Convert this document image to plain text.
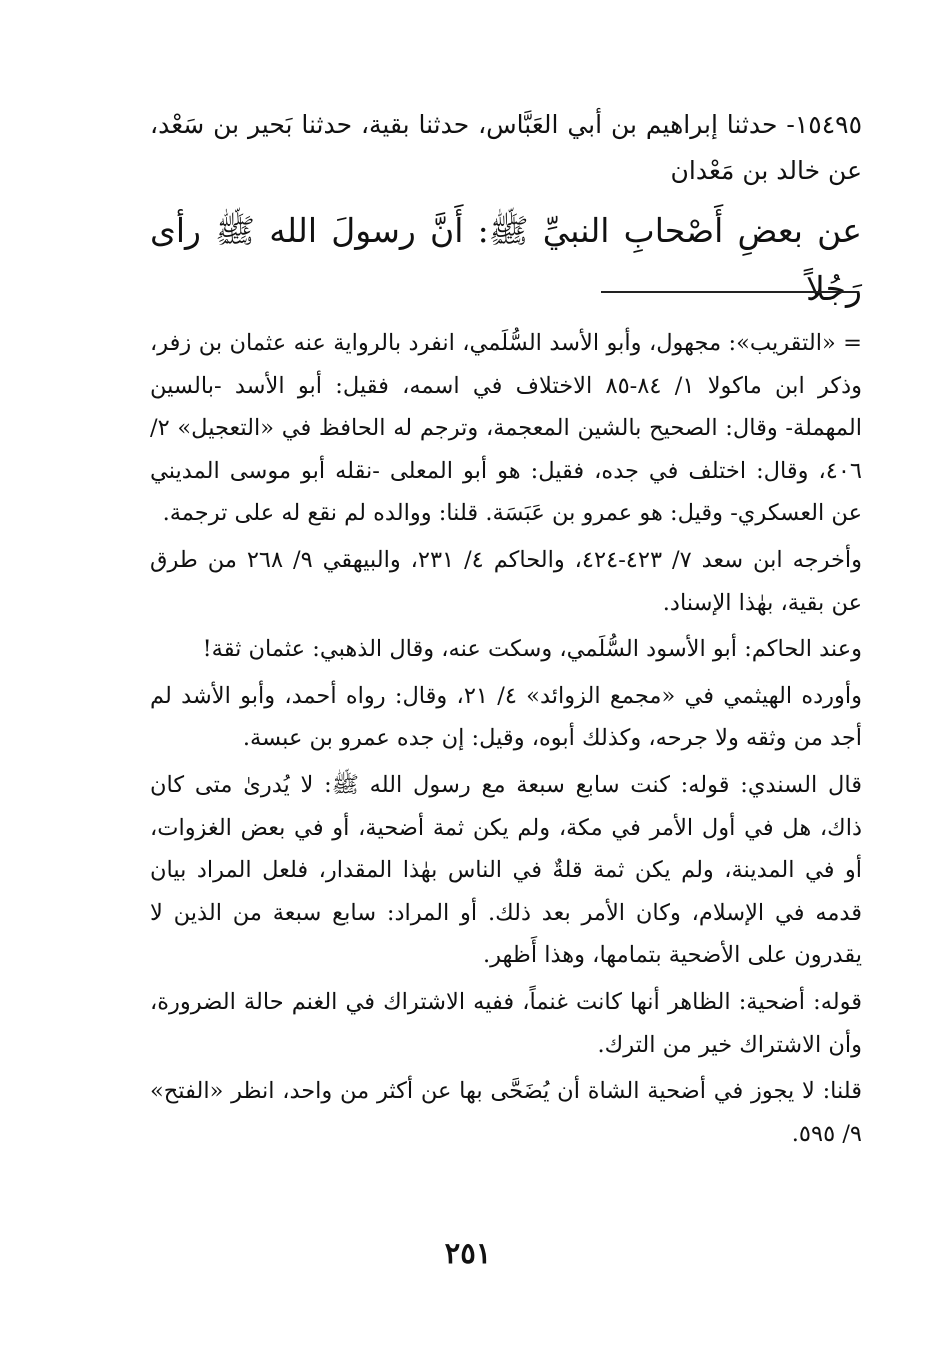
١٥٤٩٥- حدثنا إبراهيم بن أبي العَبَّاس، حدثنا بقية، حدثنا بَحير بن سَعْد، عن خالد بن مَعْدان

عن بعضِ أَصْحابِ النبيِّ ﷺ: أَنَّ رسولَ الله ﷺ رأى رَجُلاً

= «التقريب»: مجهول، وأبو الأسد السُّلَمي، انفرد بالرواية عنه عثمان بن زفر، وذكر ابن ماكولا ١/ ٨٤-٨٥ الاختلاف في اسمه، فقيل: أبو الأسد -بالسين المهملة- وقال: الصحيح بالشين المعجمة، وترجم له الحافظ في «التعجيل» ٢/ ٤٠٦، وقال: اختلف في جده، فقيل: هو أبو المعلى -نقله أبو موسى المديني عن العسكري- وقيل: هو عمرو بن عَبَسَة. قلنا: ووالده لم نقع له على ترجمة.

وأخرجه ابن سعد ٧/ ٤٢٣-٤٢٤، والحاكم ٤/ ٢٣١، والبيهقي ٩/ ٢٦٨ من طرق عن بقية، بهٰذا الإسناد.

وعند الحاكم: أبو الأسود السُّلَمي، وسكت عنه، وقال الذهبي: عثمان ثقة!

وأورده الهيثمي في «مجمع الزوائد» ٤/ ٢١، وقال: رواه أحمد، وأبو الأشد لم أجد من وثقه ولا جرحه، وكذلك أبوه، وقيل: إن جده عمرو بن عبسة.

قال السندي: قوله: كنت سابع سبعة مع رسول الله ﷺ: لا يُدرىٰ متى كان ذاك، هل في أول الأمر في مكة، ولم يكن ثمة أضحية، أو في بعض الغزوات، أو في المدينة، ولم يكن ثمة قلةٌ في الناس بهٰذا المقدار، فلعل المراد بيان قدمه في الإسلام، وكان الأمر بعد ذلك. أو المراد: سابع سبعة من الذين لا يقدرون على الأضحية بتمامها، وهذا أَظهر.

قوله: أضحية: الظاهر أنها كانت غنماً، ففيه الاشتراك في الغنم حالة الضرورة، وأن الاشتراك خير من الترك.

قلنا: لا يجوز في أضحية الشاة أن يُضَحَّى بها عن أكثر من واحد، انظر «الفتح» ٩/ ٥٩٥.

٢٥١
